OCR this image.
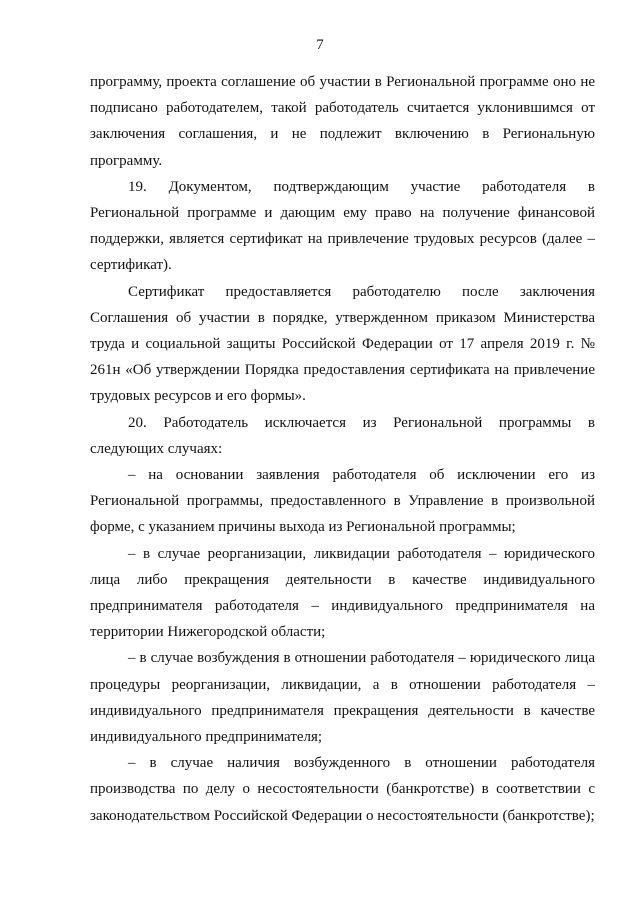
7

программу, проекта соглашение об участии в Региональной программе оно не подписано работодателем, такой работодатель считается уклонившимся от заключения соглашения, и не подлежит включению в Региональную программу.

19. Документом, подтверждающим участие работодателя в Региональной программе и дающим ему право на получение финансовой поддержки, является сертификат на привлечение трудовых ресурсов (далее – сертификат).

Сертификат предоставляется работодателю после заключения Соглашения об участии в порядке, утвержденном приказом Министерства труда и социальной защиты Российской Федерации от 17 апреля 2019 г. № 261н «Об утверждении Порядка предоставления сертификата на привлечение трудовых ресурсов и его формы».

20. Работодатель исключается из Региональной программы в следующих случаях:

– на основании заявления работодателя об исключении его из Региональной программы, предоставленного в Управление в произвольной форме, с указанием причины выхода из Региональной программы;

– в случае реорганизации, ликвидации работодателя – юридического лица либо прекращения деятельности в качестве индивидуального предпринимателя работодателя – индивидуального предпринимателя на территории Нижегородской области;

– в случае возбуждения в отношении работодателя – юридического лица процедуры реорганизации, ликвидации, а в отношении работодателя – индивидуального предпринимателя прекращения деятельности в качестве индивидуального предпринимателя;

– в случае наличия возбужденного в отношении работодателя производства по делу о несостоятельности (банкротстве) в соответствии с законодательством Российской Федерации о несостоятельности (банкротстве);
